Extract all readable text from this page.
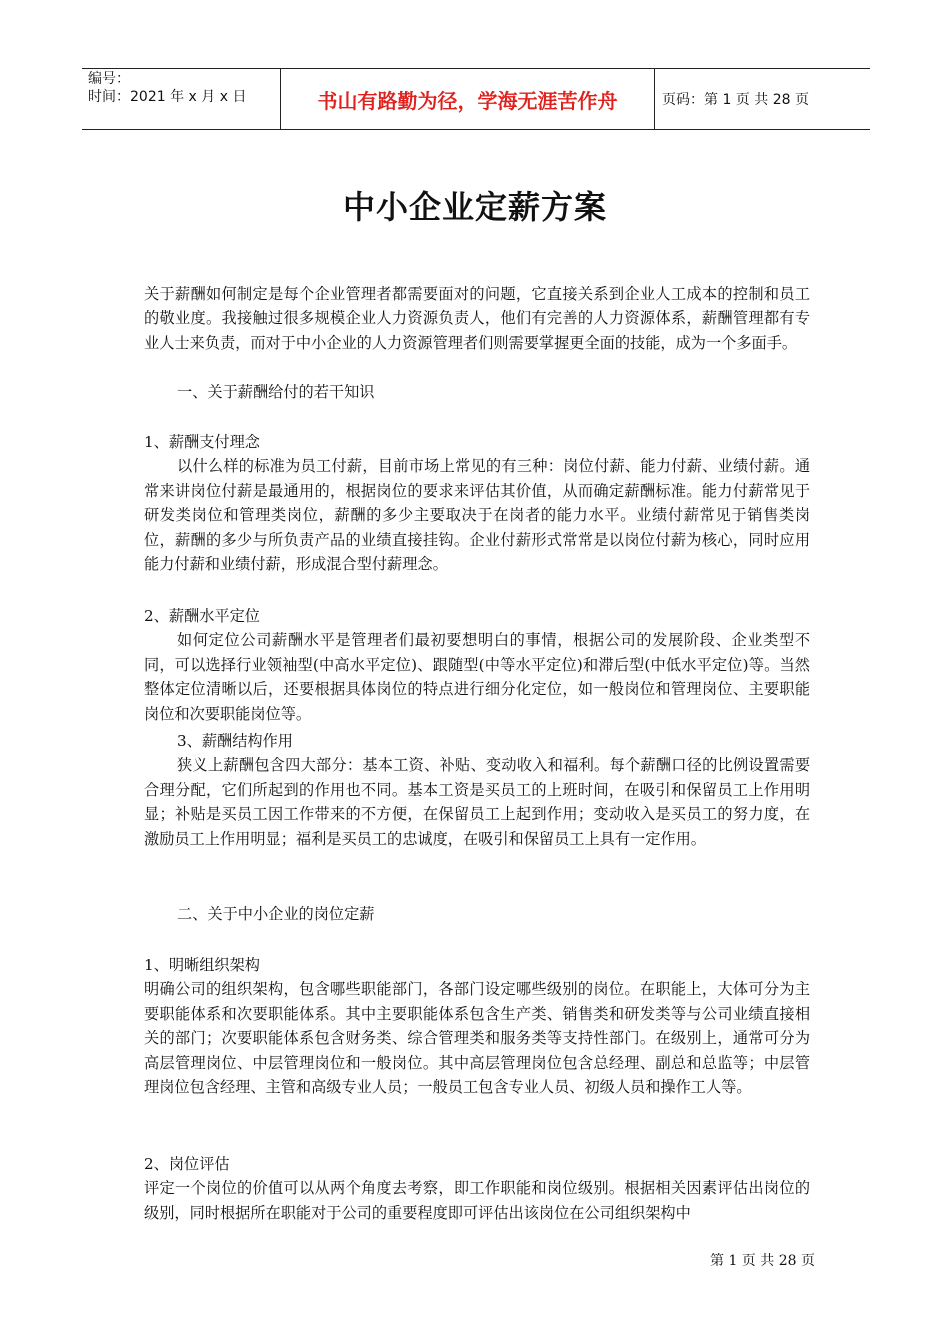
编号：
时间：2021 年 x 月 x 日	书山有路勤为径，学海无涯苦作舟	页码：第 1 页 共 28 页
中小企业定薪方案

关于薪酬如何制定是每个企业管理者都需要面对的问题，它直接关系到企业人工成本的控制和员工的敬业度。我接触过很多规模企业人力资源负责人，他们有完善的人力资源体系，薪酬管理都有专业人士来负责，而对于中小企业的人力资源管理者们则需要掌握更全面的技能，成为一个多面手。

一、关于薪酬给付的若干知识

1、薪酬支付理念

以什么样的标准为员工付薪，目前市场上常见的有三种：岗位付薪、能力付薪、业绩付薪。通常来讲岗位付薪是最通用的，根据岗位的要求来评估其价值，从而确定薪酬标准。能力付薪常见于研发类岗位和管理类岗位，薪酬的多少主要取决于在岗者的能力水平。业绩付薪常见于销售类岗位，薪酬的多少与所负责产品的业绩直接挂钩。企业付薪形式常常是以岗位付薪为核心，同时应用能力付薪和业绩付薪，形成混合型付薪理念。

2、薪酬水平定位

如何定位公司薪酬水平是管理者们最初要想明白的事情，根据公司的发展阶段、企业类型不同，可以选择行业领袖型(中高水平定位)、跟随型(中等水平定位)和滞后型(中低水平定位)等。当然整体定位清晰以后，还要根据具体岗位的特点进行细分化定位，如一般岗位和管理岗位、主要职能岗位和次要职能岗位等。

3、薪酬结构作用

狭义上薪酬包含四大部分：基本工资、补贴、变动收入和福利。每个薪酬口径的比例设置需要合理分配，它们所起到的作用也不同。基本工资是买员工的上班时间，在吸引和保留员工上作用明显；补贴是买员工因工作带来的不方便，在保留员工上起到作用；变动收入是买员工的努力度，在激励员工上作用明显；福利是买员工的忠诚度，在吸引和保留员工上具有一定作用。

二、关于中小企业的岗位定薪

1、明晰组织架构

明确公司的组织架构，包含哪些职能部门，各部门设定哪些级别的岗位。在职能上，大体可分为主要职能体系和次要职能体系。其中主要职能体系包含生产类、销售类和研发类等与公司业绩直接相关的部门；次要职能体系包含财务类、综合管理类和服务类等支持性部门。在级别上，通常可分为高层管理岗位、中层管理岗位和一般岗位。其中高层管理岗位包含总经理、副总和总监等；中层管理岗位包含经理、主管和高级专业人员；一般员工包含专业人员、初级人员和操作工人等。

2、岗位评估

评定一个岗位的价值可以从两个角度去考察，即工作职能和岗位级别。根据相关因素评估出岗位的级别，同时根据所在职能对于公司的重要程度即可评估出该岗位在公司组织架构中

第 1 页 共 28 页
